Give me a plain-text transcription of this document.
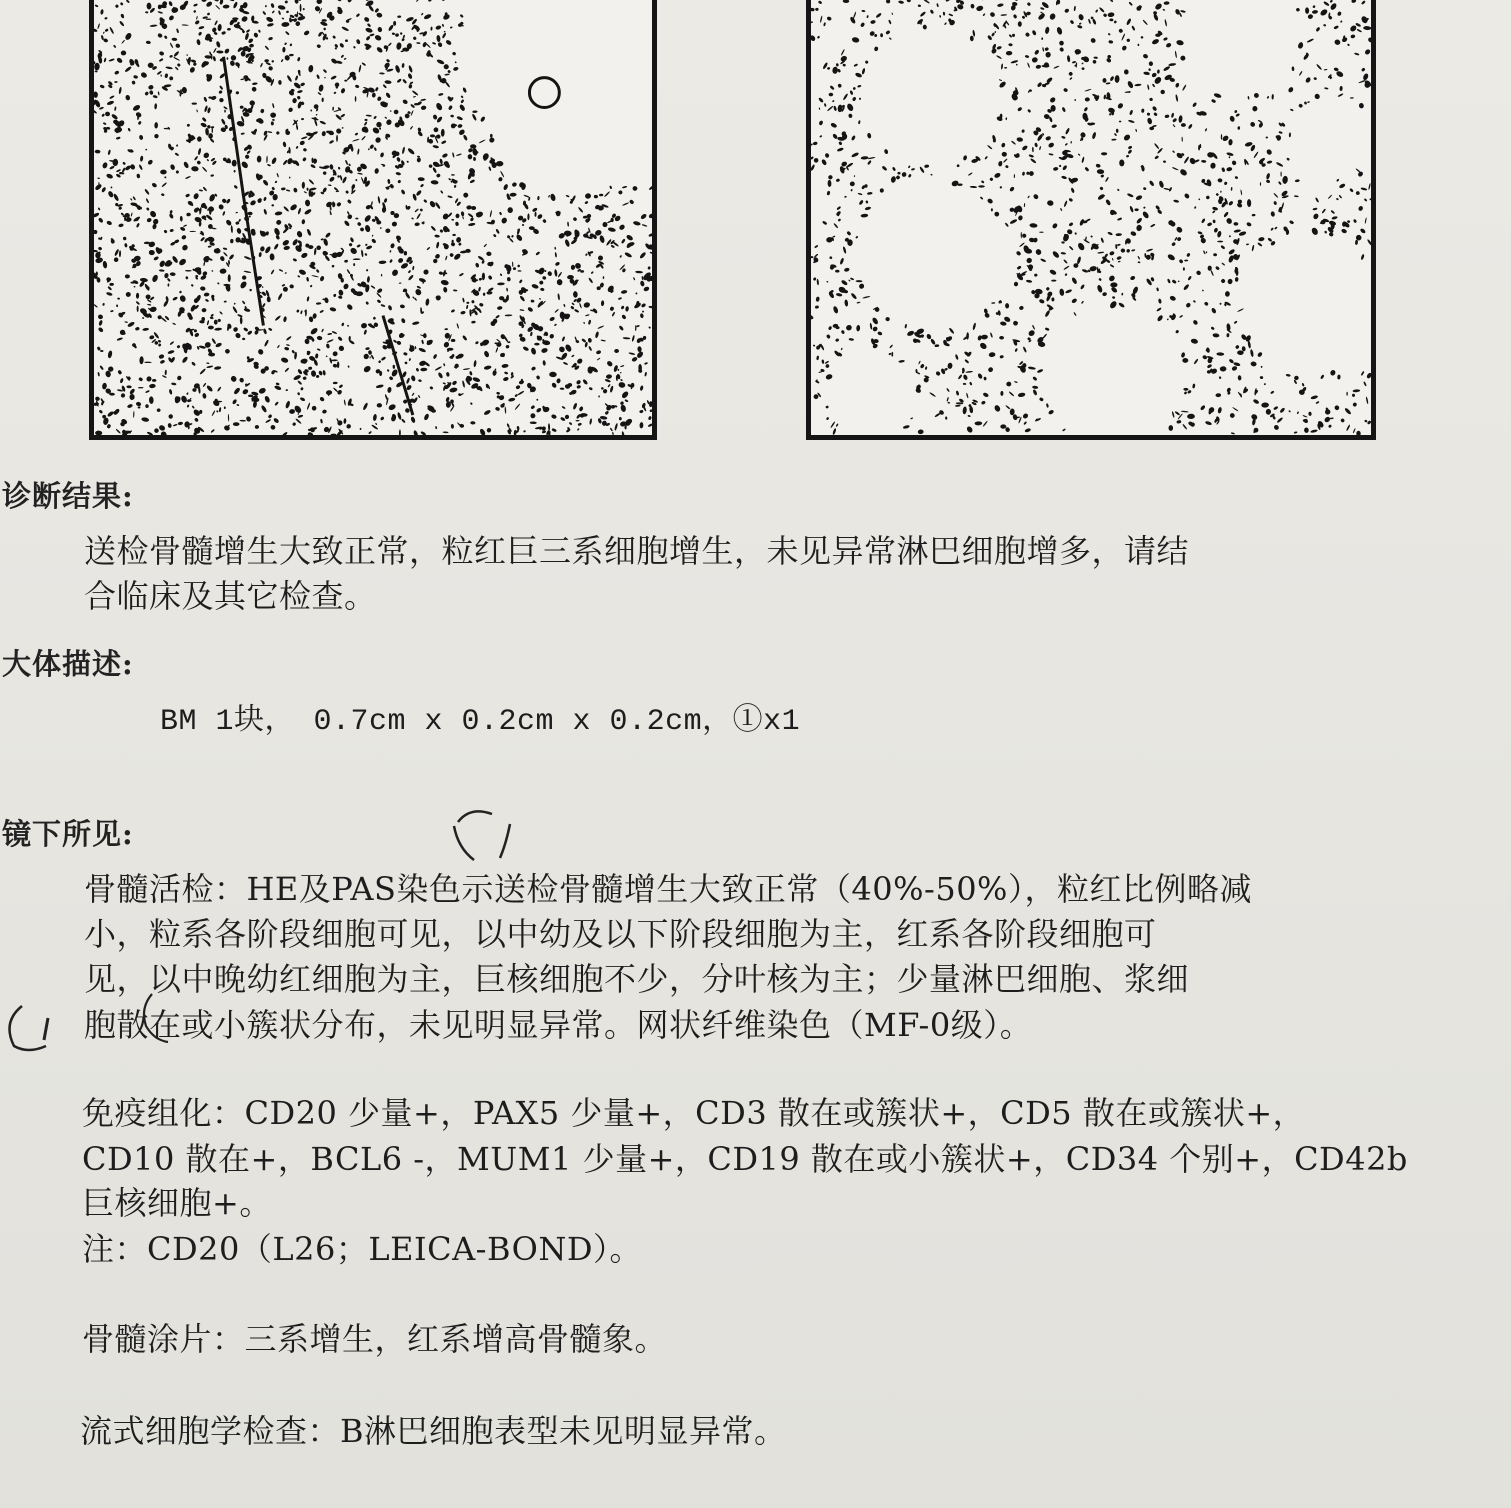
诊断结果:
送检骨髓增生大致正常，粒红巨三系细胞增生，未见异常淋巴细胞增多，请结
合临床及其它检查。
大体描述:
BM 1块， 0.7cm x 0.2cm x 0.2cm，①x1
镜下所见:
骨髓活检：HE及PAS染色示送检骨髓增生大致正常（40%-50%），粒红比例略减
小，粒系各阶段细胞可见，以中幼及以下阶段细胞为主，红系各阶段细胞可
见，以中晚幼红细胞为主，巨核细胞不少，分叶核为主；少量淋巴细胞、浆细
胞散在或小簇状分布，未见明显异常。网状纤维染色（MF-0级）。
免疫组化：CD20 少量+，PAX5 少量+，CD3 散在或簇状+，CD5 散在或簇状+，
CD10 散在+，BCL6 -，MUM1 少量+，CD19 散在或小簇状+，CD34 个别+，CD42b
巨核细胞+。
注：CD20（L26；LEICA-BOND）。
骨髓涂片：三系增生，红系增高骨髓象。
流式细胞学检查：B淋巴细胞表型未见明显异常。
